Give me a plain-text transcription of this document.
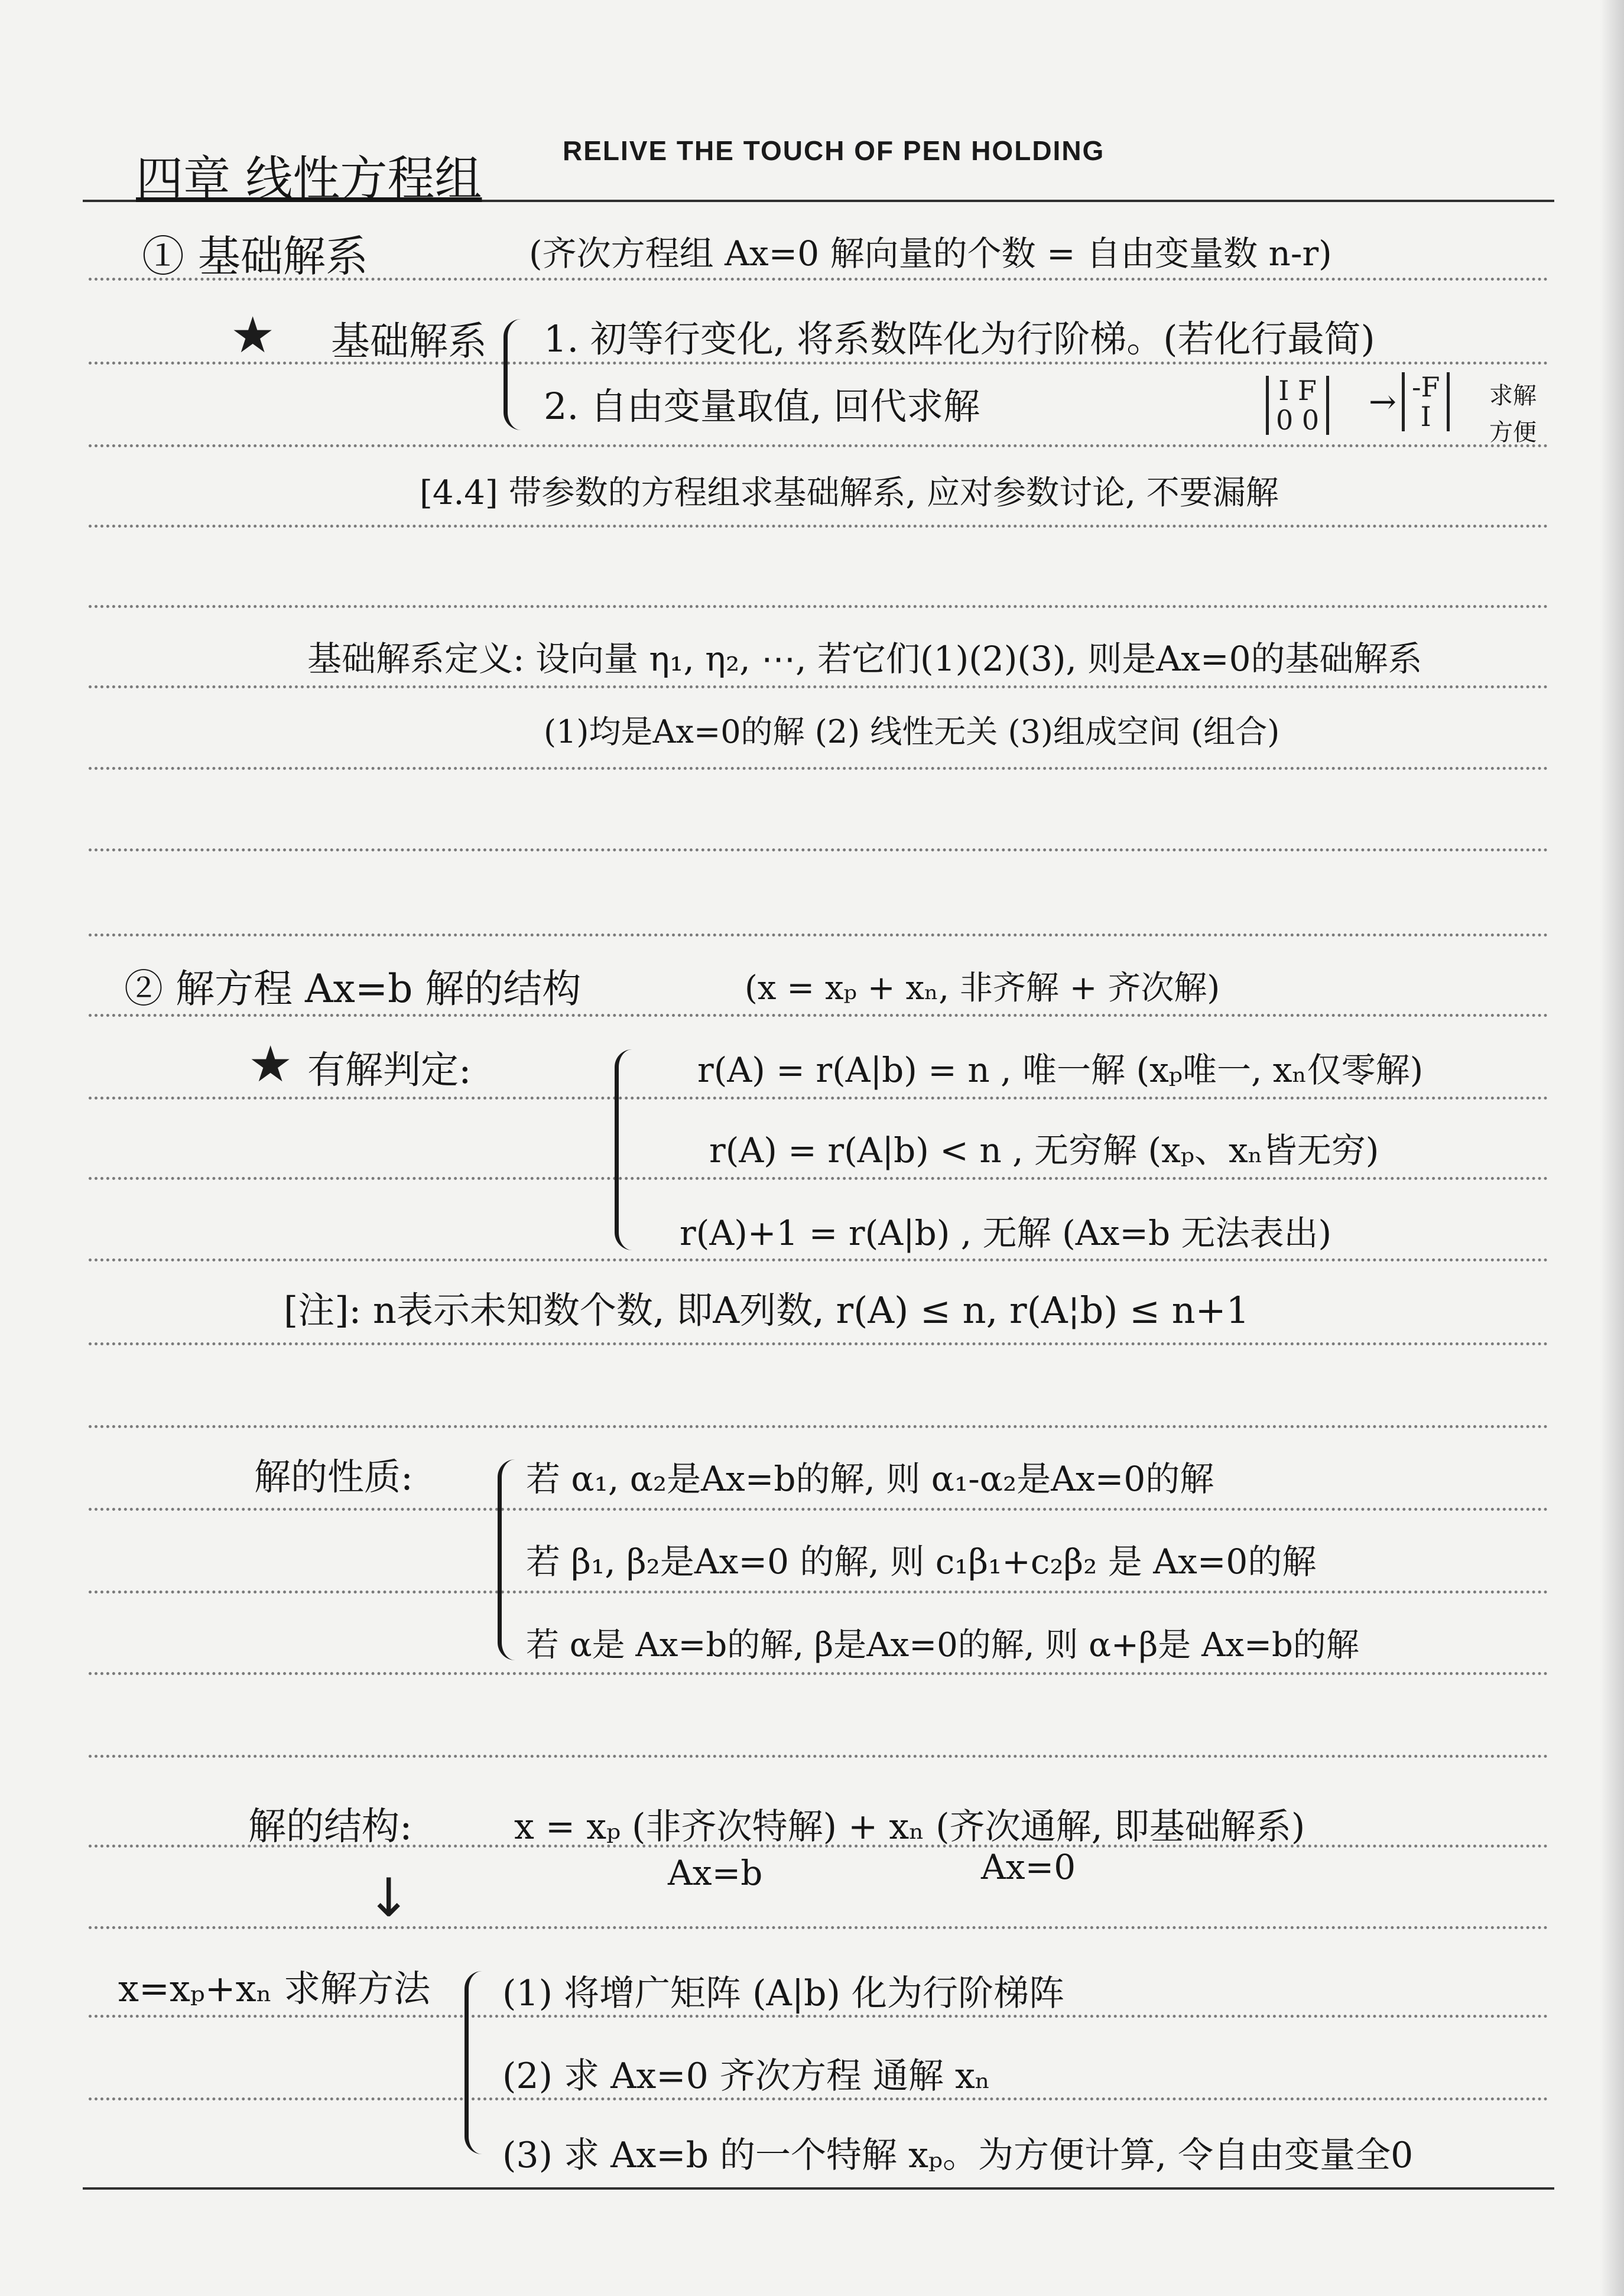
四章 线性方程组
RELIVE THE TOUCH OF PEN HOLDING
① 基础解系	(齐次方程组 Ax=0 解向量的个数 = 自由变量数 n-r)
★ 基础解系 1. 初等行变化, 将系数阵化为行阶梯。(若化行最简)
2. 自由变量取值, 回代求解	I F
0 0	→ -F
I
求解
方便
[4.4] 带参数的方程组求基础解系, 应对参数讨论, 不要漏解
基础解系定义: 设向量 η₁, η₂, ⋯, 若它们(1)(2)(3), 则是Ax=0的基础解系
(1)均是Ax=0的解 (2) 线性无关 (3)组成空间 (组合)
② 解方程 Ax=b 解的结构	(x = xₚ + xₙ, 非齐解 + 齐次解)
★ 有解判定:	r(A) = r(A|b) = n , 唯一解 (xₚ唯一, xₙ仅零解)
r(A) = r(A|b) < n , 无穷解 (xₚ、xₙ皆无穷)
r(A)+1 = r(A|b) , 无解 (Ax=b 无法表出)
[注]: n表示未知数个数, 即A列数, r(A) ≤ n, r(A¦b) ≤ n+1
解的性质:	若 α₁, α₂是Ax=b的解, 则 α₁-α₂是Ax=0的解
若 β₁, β₂是Ax=0 的解, 则 c₁β₁+c₂β₂ 是 Ax=0的解
若 α是 Ax=b的解, β是Ax=0的解, 则 α+β是 Ax=b的解
解的结构:	x = xₚ (非齐次特解) + xₙ (齐次通解, 即基础解系)
Ax=b	Ax=0
↓
x=xₚ+xₙ 求解方法 (1) 将增广矩阵 (A|b) 化为行阶梯阵
(2) 求 Ax=0 齐次方程 通解 xₙ
(3) 求 Ax=b 的一个特解 xₚ。为方便计算, 令自由变量全0
